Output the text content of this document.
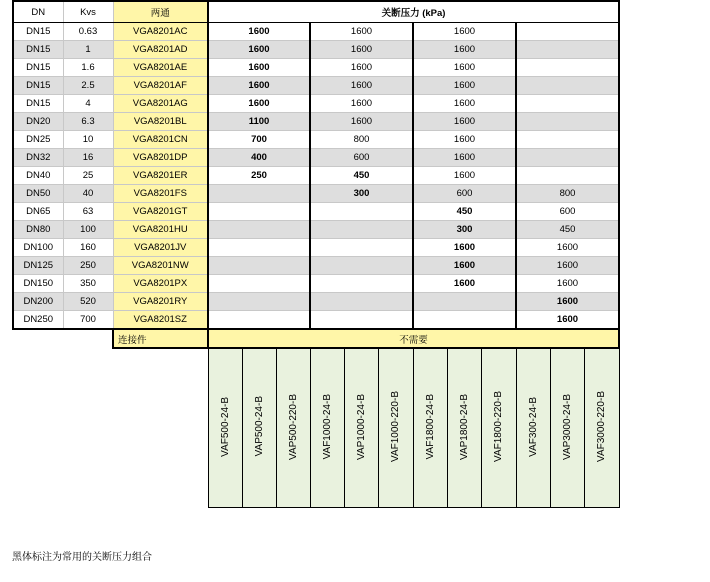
DN	Kvs	两通	关断压力 (kPa)											
DN15	0.63	VGA8201AC	1600			1600			1600					
DN15	1	VGA8201AD	1600			1600			1600					
DN15	1.6	VGA8201AE	1600			1600			1600					
DN15	2.5	VGA8201AF	1600			1600			1600					
DN15	4	VGA8201AG	1600			1600			1600					
DN20	6.3	VGA8201BL	1100			1600			1600					
DN25	10	VGA8201CN	700			800			1600					
DN32	16	VGA8201DP	400			600			1600					
DN40	25	VGA8201ER	250			450			1600					
DN50	40	VGA8201FS				300			600			800		
DN65	63	VGA8201GT							450			600		
DN80	100	VGA8201HU							300			450		
DN100	160	VGA8201JV							1600			1600		
DN125	250	VGA8201NW							1600			1600		
DN150	350	VGA8201PX							1600			1600		
DN200	520	VGA8201RY										1600		
DN250	700	VGA8201SZ										1600		
		连接件	不需要											
			VAF500-24-B	VAP500-24-B	VAP500-220-B	VAF1000-24-B	VAP1000-24-B	VAF1000-220-B	VAF1800-24-B	VAP1800-24-B	VAF1800-220-B	VAF300-24-B	VAP3000-24-B	VAF3000-220-B
黑体标注为常用的关断压力组合
